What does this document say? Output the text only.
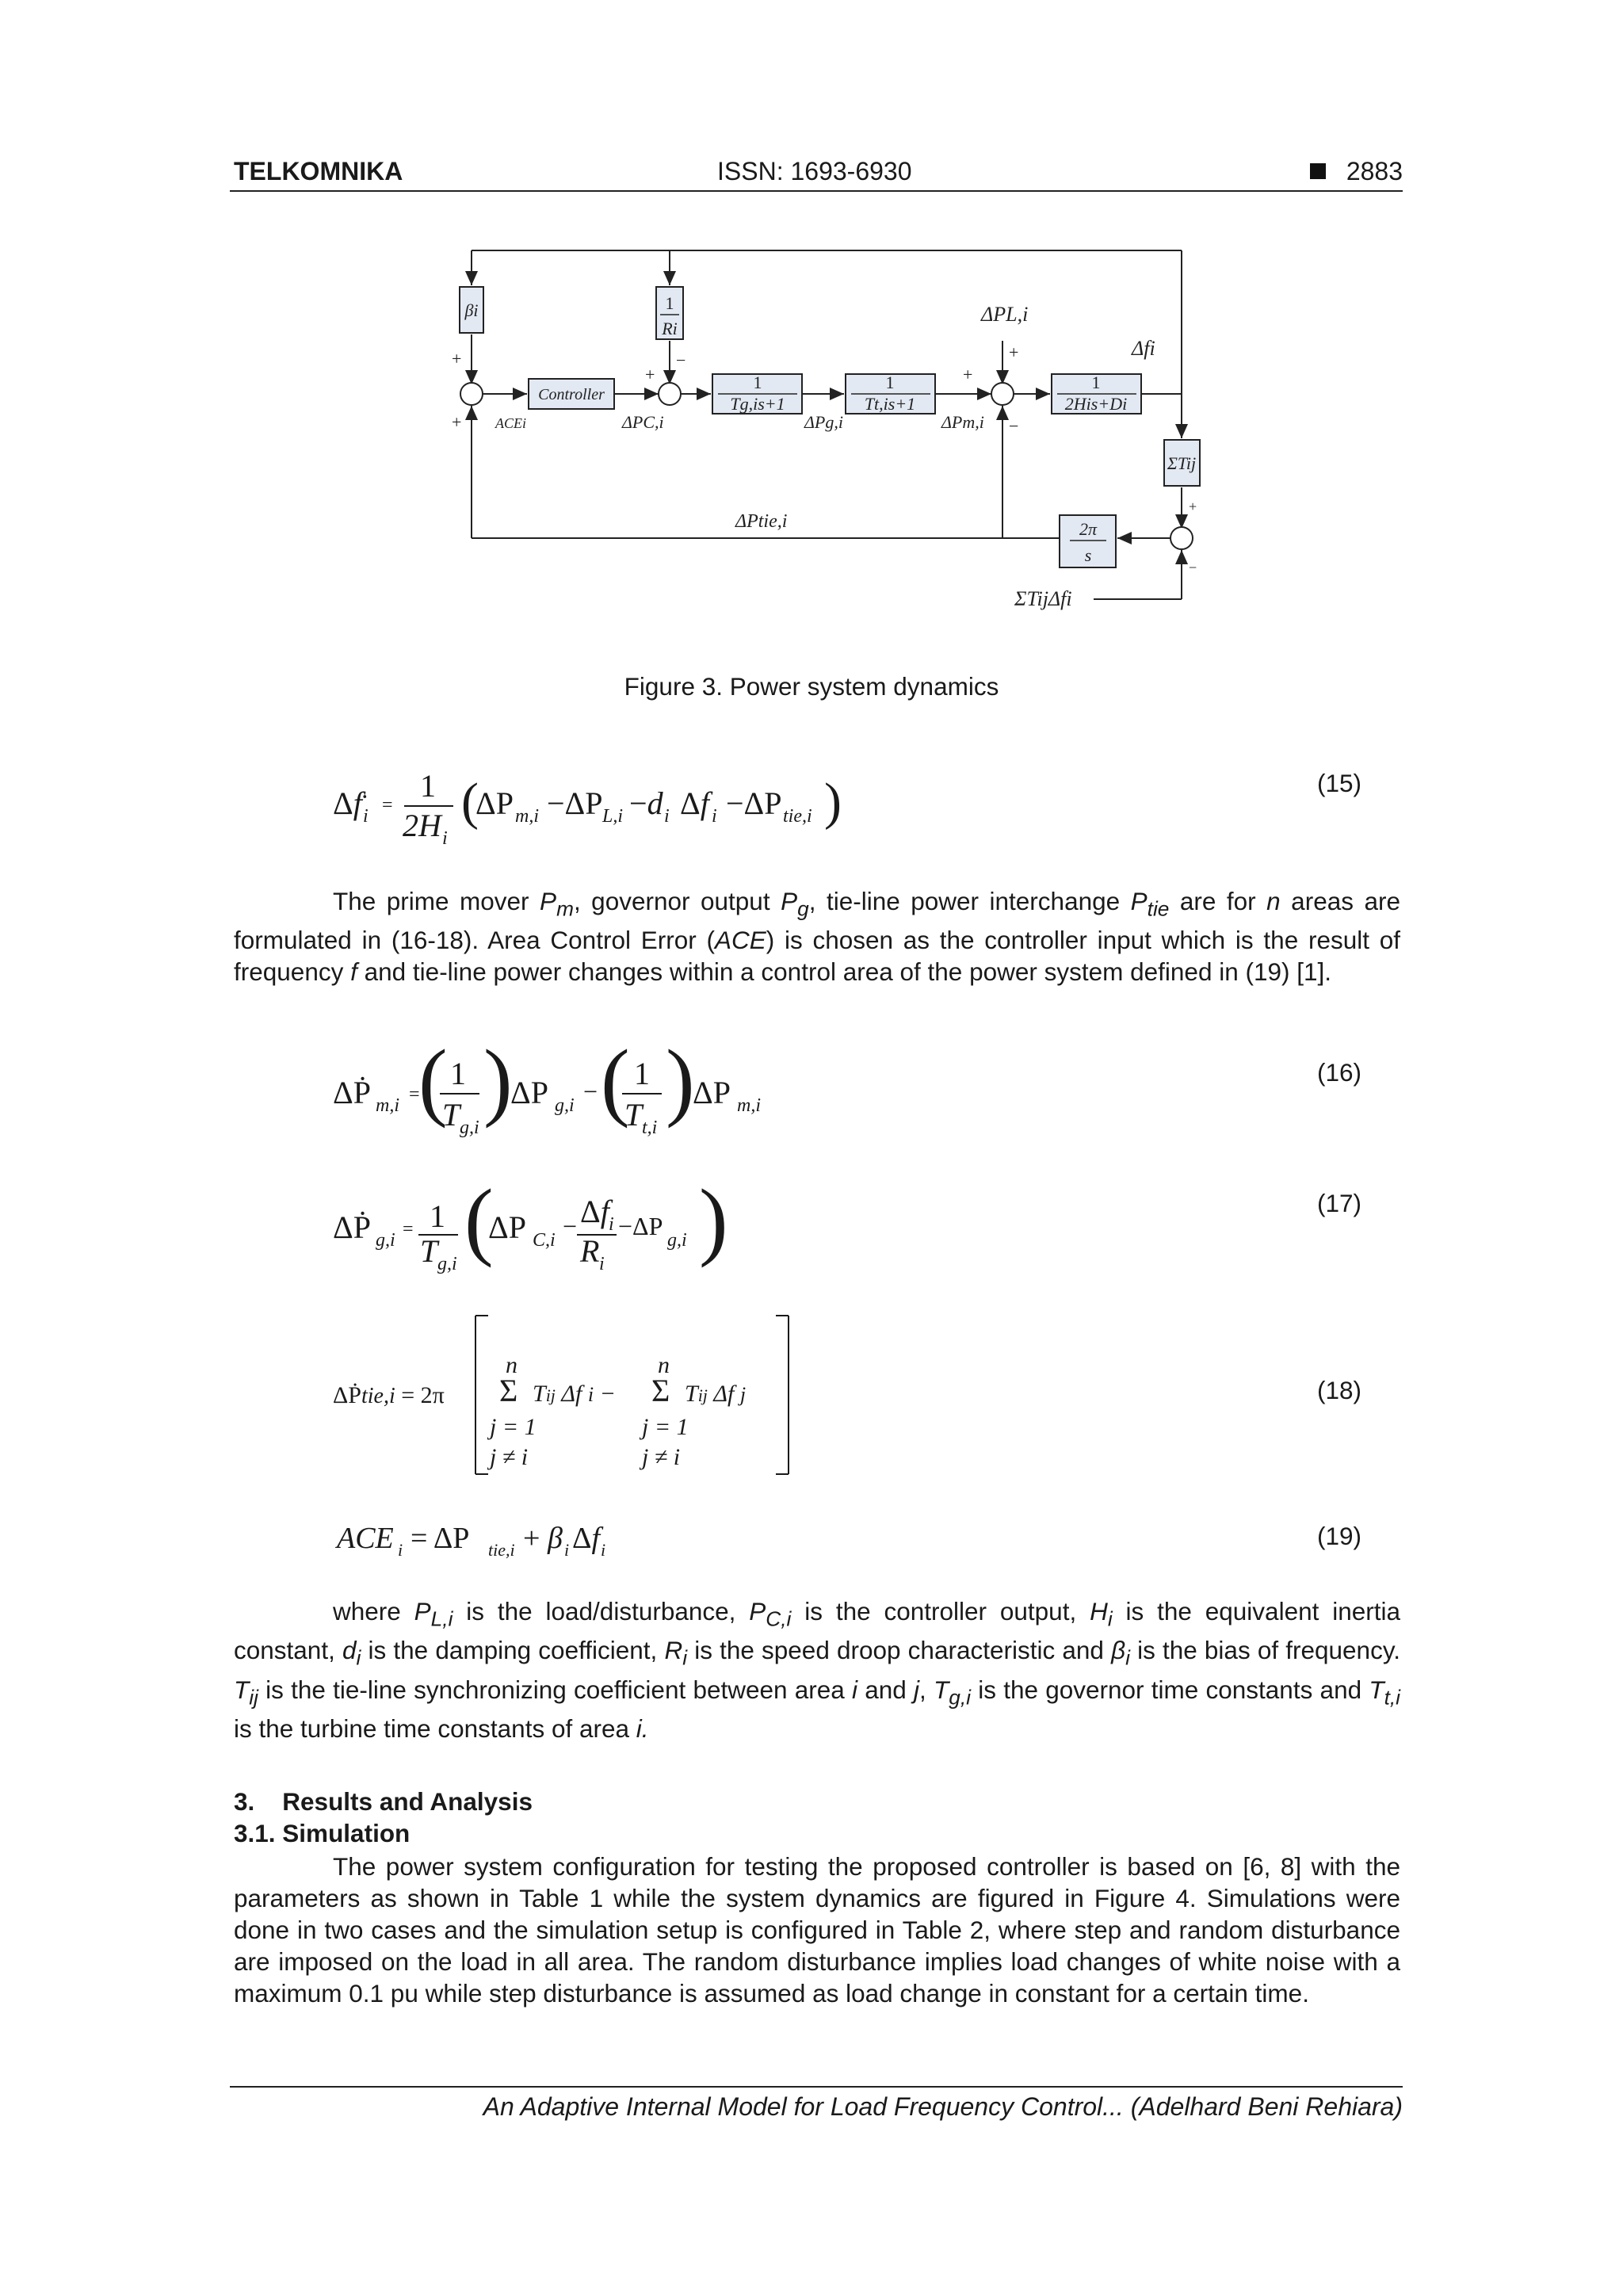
TELKOMNIKA	ISSN: 1693-6930	2883
βi	1
Ri
Controller
1
Tg,is+1
1
Tt,is+1
1
2His+Di
ΣTij
2π
s
ACEi	ΔPC,i	ΔPg,i	ΔPm,i
ΔPL,i
Δfi
ΔPtie,i
ΣTijΔfi
+
+
+
−
+
+
−
+
−
Figure 3. Power system dynamics
Δf i
=
1
2H i
(
ΔP m,i −ΔP L,i −d i Δf i −ΔP tie,i )	(15)

The prime mover $P_m$, governor output $P_g$, tie-line power interchange $P_{tie}$ are for n areas are formulated in (16-18). Area Control Error (ACE) is chosen as the controller input which is the result of frequency f and tie-line power changes within a control area of the power system defined in (19) [1].

ΔṖ m,i
=
( 1
T g,i )
ΔP g,i − ( 1
T t,i )
ΔP m,i
(16)
ΔṖ g,i
= 1
T g,i (
ΔP C,i − Δf i
R i
−ΔP g,i )	(17)
ΔṖtie,i = 2π
n
Σ Tij Δf i −
j = 1
j ≠ i
n
Σ Tij Δf j
j = 1
j ≠ i
(18)
ACE i = ΔP tie,i + β i Δf i	(19)

where $P_{L,i}$ is the load/disturbance, $P_{C,i}$ is the controller output, $H_i$ is the equivalent inertia constant, $d_i$ is the damping coefficient, $R_i$ is the speed droop characteristic and $\beta_i$ is the bias of frequency. $T_{ij}$ is the tie-line synchronizing coefficient between area i and j, $T_{g,i}$ is the governor time constants and $T_{t,i}$ is the turbine time constants of area i.

3.    Results and Analysis
3.1. Simulation

The power system configuration for testing the proposed controller is based on [6, 8] with the parameters as shown in Table 1 while the system dynamics are figured in Figure 4. Simulations were done in two cases and the simulation setup is configured in Table 2, where step and random disturbance are imposed on the load in all area. The random disturbance implies load changes of white noise with a maximum 0.1 pu while step disturbance is assumed as load change in constant for a certain time.

An Adaptive Internal Model for Load Frequency Control... (Adelhard Beni Rehiara)
